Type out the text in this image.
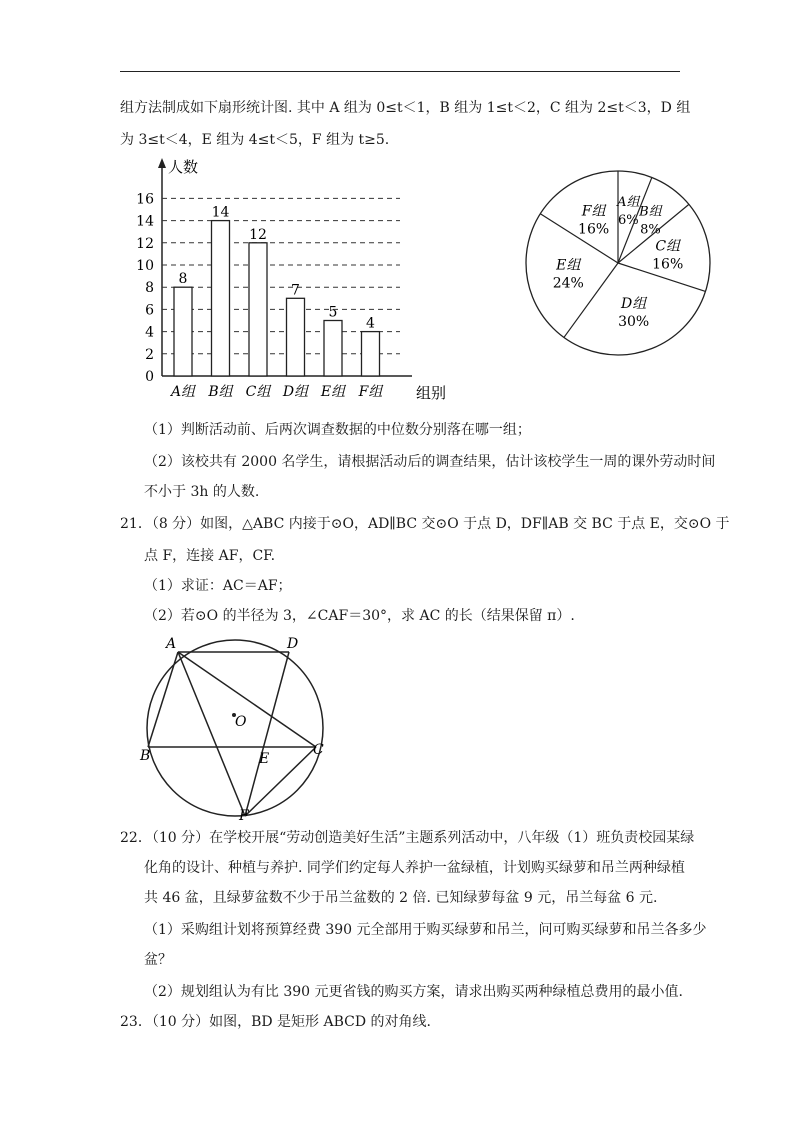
组方法制成如下扇形统计图. 其中 A 组为 0≤t＜1，B 组为 1≤t＜2，C 组为 2≤t＜3，D 组
为 3≤t＜4，E 组为 4≤t＜5，F 组为 t≥5.
人数
组别
0
2
4
6
8
10
12
14
16
8
A组
14
B组
12
C组
7
D组
5
E组
4
F组
A组
6%
B组
8%
C组
16%
D组
30%
E组
24%
F组
16%
（1）判断活动前、后两次调查数据的中位数分别落在哪一组；
（2）该校共有 2000 名学生，请根据活动后的调查结果，估计该校学生一周的课外劳动时间
不小于 3h 的人数.
21．（8 分）如图，△ABC 内接于⊙O，AD∥BC 交⊙O 于点 D，DF∥AB 交 BC 于点 E，交⊙O 于
点 F，连接 AF，CF.
（1）求证：AC＝AF；
（2）若⊙O 的半径为 3，∠CAF＝30°，求 AC 的长（结果保留 π）.
A	D
O
B	C
E
F
22．（10 分）在学校开展“劳动创造美好生活”主题系列活动中，八年级（1）班负责校园某绿
化角的设计、种植与养护. 同学们约定每人养护一盆绿植，计划购买绿萝和吊兰两种绿植
共 46 盆，且绿萝盆数不少于吊兰盆数的 2 倍. 已知绿萝每盆 9 元，吊兰每盆 6 元.
（1）采购组计划将预算经费 390 元全部用于购买绿萝和吊兰，问可购买绿萝和吊兰各多少
盆？
（2）规划组认为有比 390 元更省钱的购买方案，请求出购买两种绿植总费用的最小值.
23．（10 分）如图，BD 是矩形 ABCD 的对角线.
